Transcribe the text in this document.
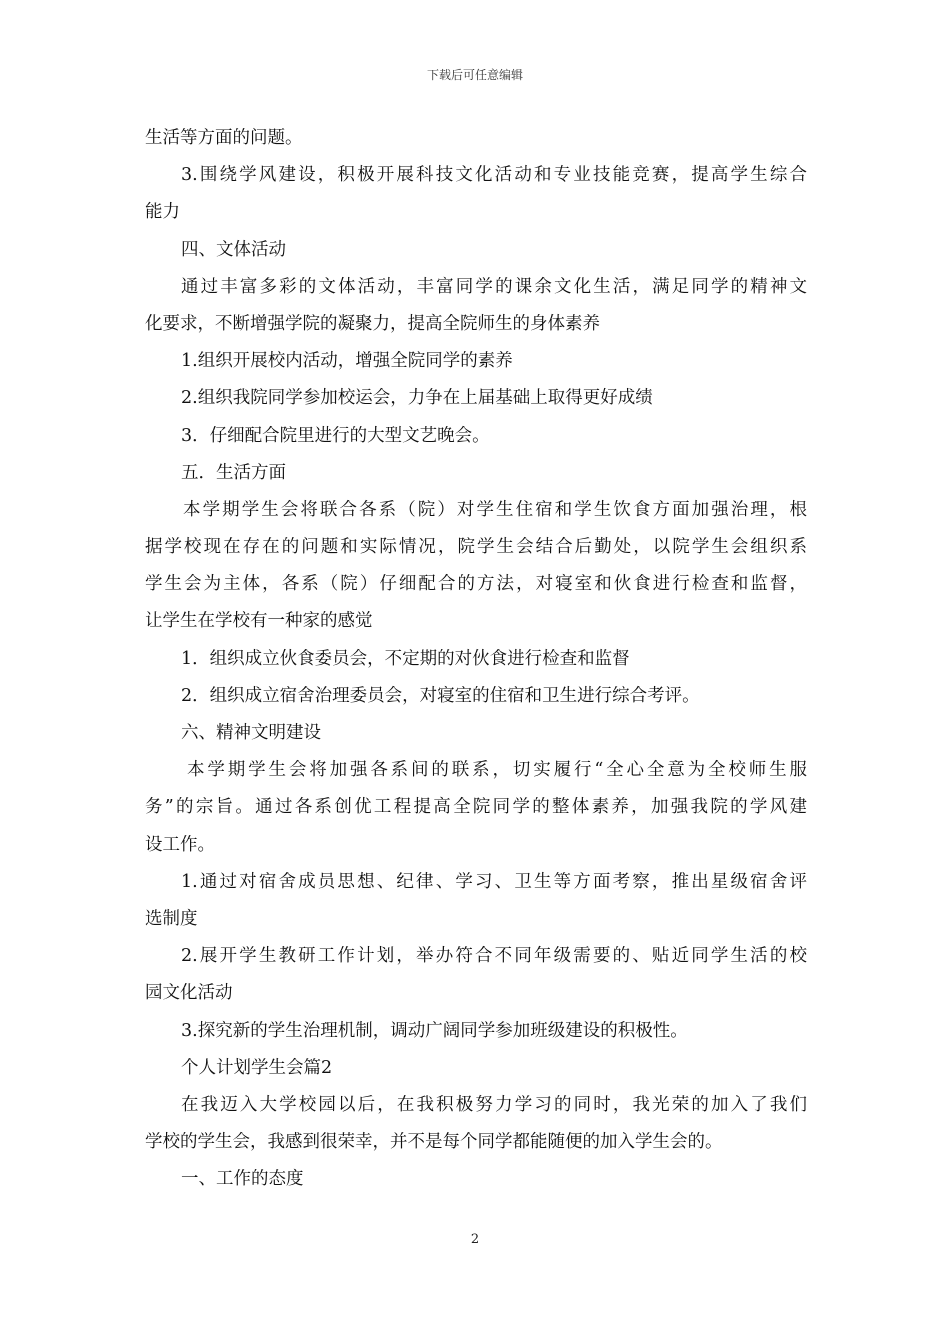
下载后可任意编辑
生活等方面的问题。
3.围绕学风建设，积极开展科技文化活动和专业技能竞赛，提高学生综合
能力
四、文体活动
通过丰富多彩的文体活动，丰富同学的课余文化生活，满足同学的精神文
化要求，不断增强学院的凝聚力，提高全院师生的身体素养
1.组织开展校内活动，增强全院同学的素养
2.组织我院同学参加校运会，力争在上届基础上取得更好成绩
3．仔细配合院里进行的大型文艺晚会。
五．生活方面
本学期学生会将联合各系（院）对学生住宿和学生饮食方面加强治理，根
据学校现在存在的问题和实际情况，院学生会结合后勤处，以院学生会组织系
学生会为主体，各系（院）仔细配合的方法，对寝室和伙食进行检查和监督，
让学生在学校有一种家的感觉
1．组织成立伙食委员会，不定期的对伙食进行检查和监督
2．组织成立宿舍治理委员会，对寝室的住宿和卫生进行综合考评。
六、精神文明建设
本学期学生会将加强各系间的联系，切实履行“全心全意为全校师生服
务”的宗旨。通过各系创优工程提高全院同学的整体素养，加强我院的学风建
设工作。
1.通过对宿舍成员思想、纪律、学习、卫生等方面考察，推出星级宿舍评
选制度
2.展开学生教研工作计划，举办符合不同年级需要的、贴近同学生活的校
园文化活动
3.探究新的学生治理机制，调动广阔同学参加班级建设的积极性。
个人计划学生会篇2
在我迈入大学校园以后，在我积极努力学习的同时，我光荣的加入了我们
学校的学生会，我感到很荣幸，并不是每个同学都能随便的加入学生会的。
一、工作的态度
2
